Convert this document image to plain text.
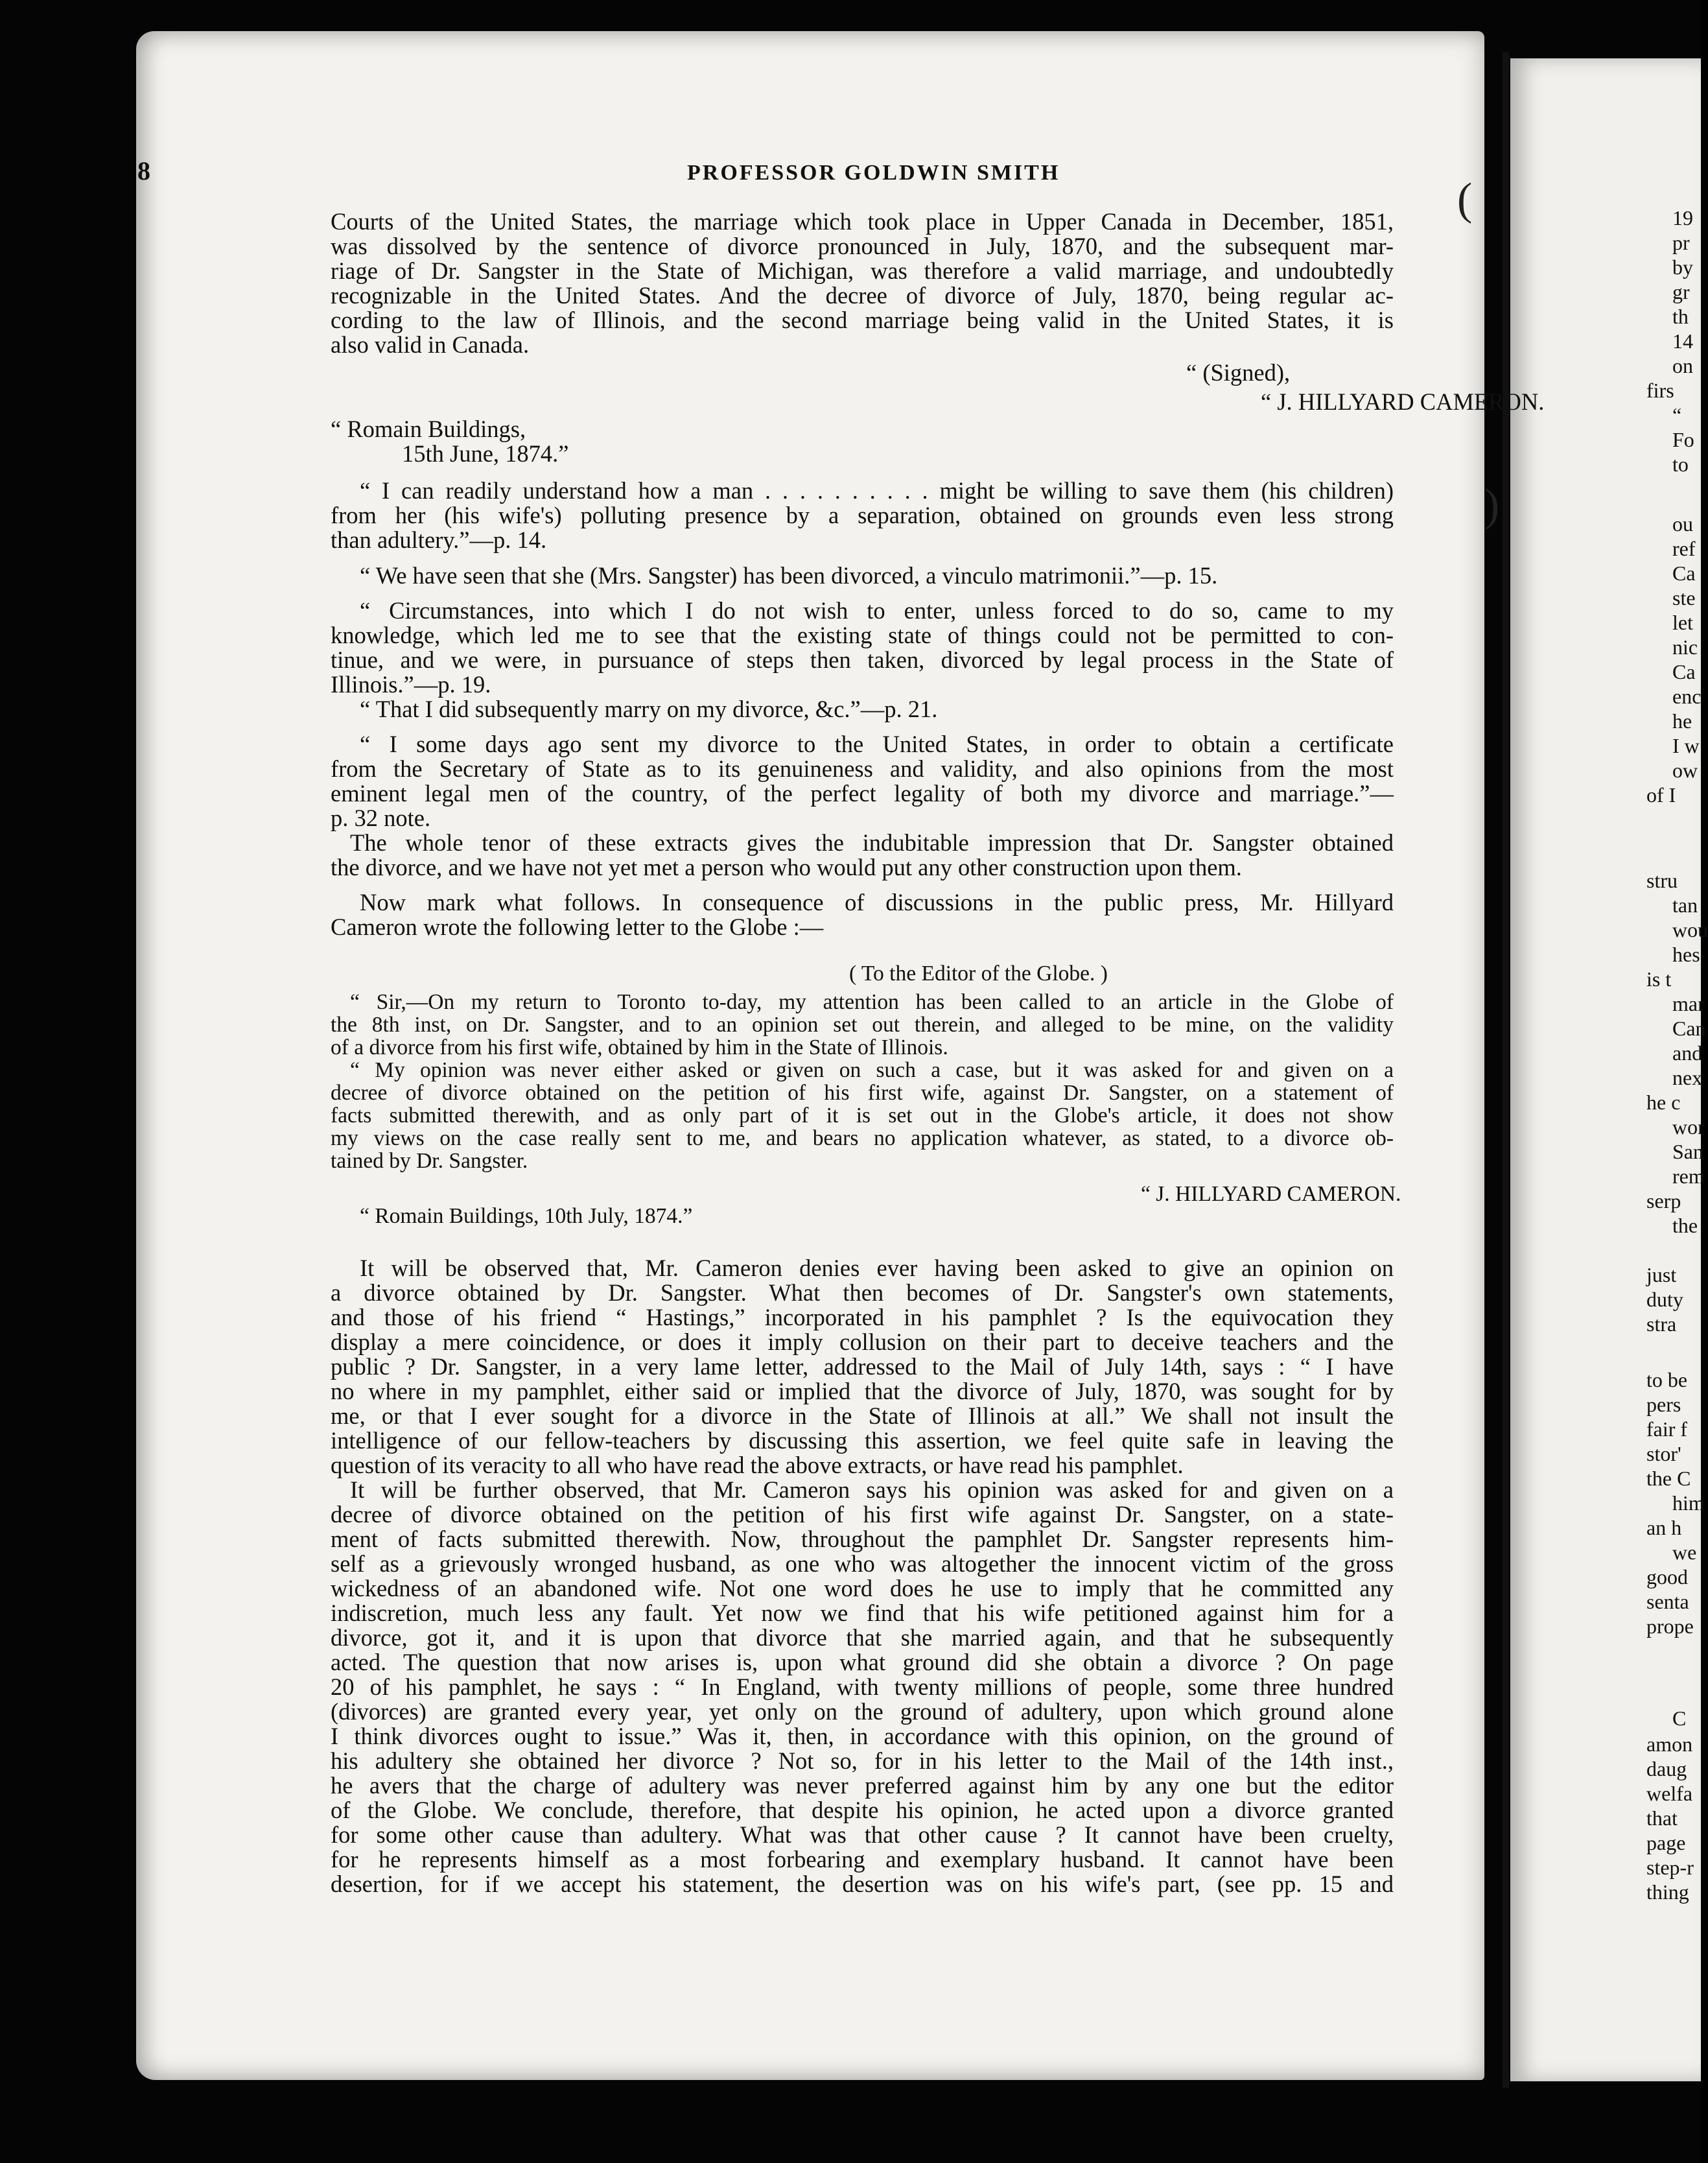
(
)
8	PROFESSOR GOLDWIN SMITH
Courts of the United States, the marriage which took place in Upper Canada in December, 1851,
was dissolved by the sentence of divorce pronounced in July, 1870, and the subsequent mar-
riage of Dr. Sangster in the State of Michigan, was therefore a valid marriage, and undoubtedly
recognizable in the United States. And the decree of divorce of July, 1870, being regular ac-
cording to the law of Illinois, and the second marriage being valid in the United States, it is
also valid in Canada.
“ (Signed),
“ J. HILLYARD CAMERON.
“ Romain Buildings,
15th June, 1874.”
“ I can readily understand how a man . . . . . . . . . . might be willing to save them (his children)
from her (his wife's) polluting presence by a separation, obtained on grounds even less strong
than adultery.”—p. 14.
“ We have seen that she (Mrs. Sangster) has been divorced, a vinculo matrimonii.”—p. 15.
“ Circumstances, into which I do not wish to enter, unless forced to do so, came to my
knowledge, which led me to see that the existing state of things could not be permitted to con-
tinue, and we were, in pursuance of steps then taken, divorced by legal process in the State of
Illinois.”—p. 19.
“ That I did subsequently marry on my divorce, &c.”—p. 21.
“ I some days ago sent my divorce to the United States, in order to obtain a certificate
from the Secretary of State as to its genuineness and validity, and also opinions from the most
eminent legal men of the country, of the perfect legality of both my divorce and marriage.”—
p. 32 note.
The whole tenor of these extracts gives the indubitable impression that Dr. Sangster obtained
the divorce, and we have not yet met a person who would put any other construction upon them.
Now mark what follows. In consequence of discussions in the public press, Mr. Hillyard
Cameron wrote the following letter to the Globe :—
( To the Editor of the Globe. )
“ Sir,—On my return to Toronto to-day, my attention has been called to an article in the Globe of
the 8th inst, on Dr. Sangster, and to an opinion set out therein, and alleged to be mine, on the validity
of a divorce from his first wife, obtained by him in the State of Illinois.
“ My opinion was never either asked or given on such a case, but it was asked for and given on a
decree of divorce obtained on the petition of his first wife, against Dr. Sangster, on a statement of
facts submitted therewith, and as only part of it is set out in the Globe's article, it does not show
my views on the case really sent to me, and bears no application whatever, as stated, to a divorce ob-
tained by Dr. Sangster.
“ J. HILLYARD CAMERON.
“ Romain Buildings, 10th July, 1874.”
It will be observed that, Mr. Cameron denies ever having been asked to give an opinion on
a divorce obtained by Dr. Sangster. What then becomes of Dr. Sangster's own statements,
and those of his friend “ Hastings,” incorporated in his pamphlet ? Is the equivocation they
display a mere coincidence, or does it imply collusion on their part to deceive teachers and the
public ? Dr. Sangster, in a very lame letter, addressed to the Mail of July 14th, says : “ I have
no where in my pamphlet, either said or implied that the divorce of July, 1870, was sought for by
me, or that I ever sought for a divorce in the State of Illinois at all.” We shall not insult the
intelligence of our fellow-teachers by discussing this assertion, we feel quite safe in leaving the
question of its veracity to all who have read the above extracts, or have read his pamphlet.
It will be further observed, that Mr. Cameron says his opinion was asked for and given on a
decree of divorce obtained on the petition of his first wife against Dr. Sangster, on a state-
ment of facts submitted therewith. Now, throughout the pamphlet Dr. Sangster represents him-
self as a grievously wronged husband, as one who was altogether the innocent victim of the gross
wickedness of an abandoned wife. Not one word does he use to imply that he committed any
indiscretion, much less any fault. Yet now we find that his wife petitioned against him for a
divorce, got it, and it is upon that divorce that she married again, and that he subsequently
acted. The question that now arises is, upon what ground did she obtain a divorce ? On page
20 of his pamphlet, he says : “ In England, with twenty millions of people, some three hundred
(divorces) are granted every year, yet only on the ground of adultery, upon which ground alone
I think divorces ought to issue.” Was it, then, in accordance with this opinion, on the ground of
his adultery she obtained her divorce ? Not so, for in his letter to the Mail of the 14th inst.,
he avers that the charge of adultery was never preferred against him by any one but the editor
of the Globe. We conclude, therefore, that despite his opinion, he acted upon a divorce granted
for some other cause than adultery. What was that other cause ? It cannot have been cruelty,
for he represents himself as a most forbearing and exemplary husband. It cannot have been
desertion, for if we accept his statement, the desertion was on his wife's part, (see pp. 15 and
19
pr
by
gr
th
14
on
firs
“
Fo
to
ou
ref
Ca
ste
let
nic
Ca
enc
he
I w
ow
of I
stru
tan
wou
hes
is t
mar
Can
and
nex
he c
wor
San
rem
serp
the
just
duty
stra
to be
pers
fair f
stor'
the C
him
an h
we
good
senta
prope
C
amon
daug
welfa
that
page
step-r
thing
